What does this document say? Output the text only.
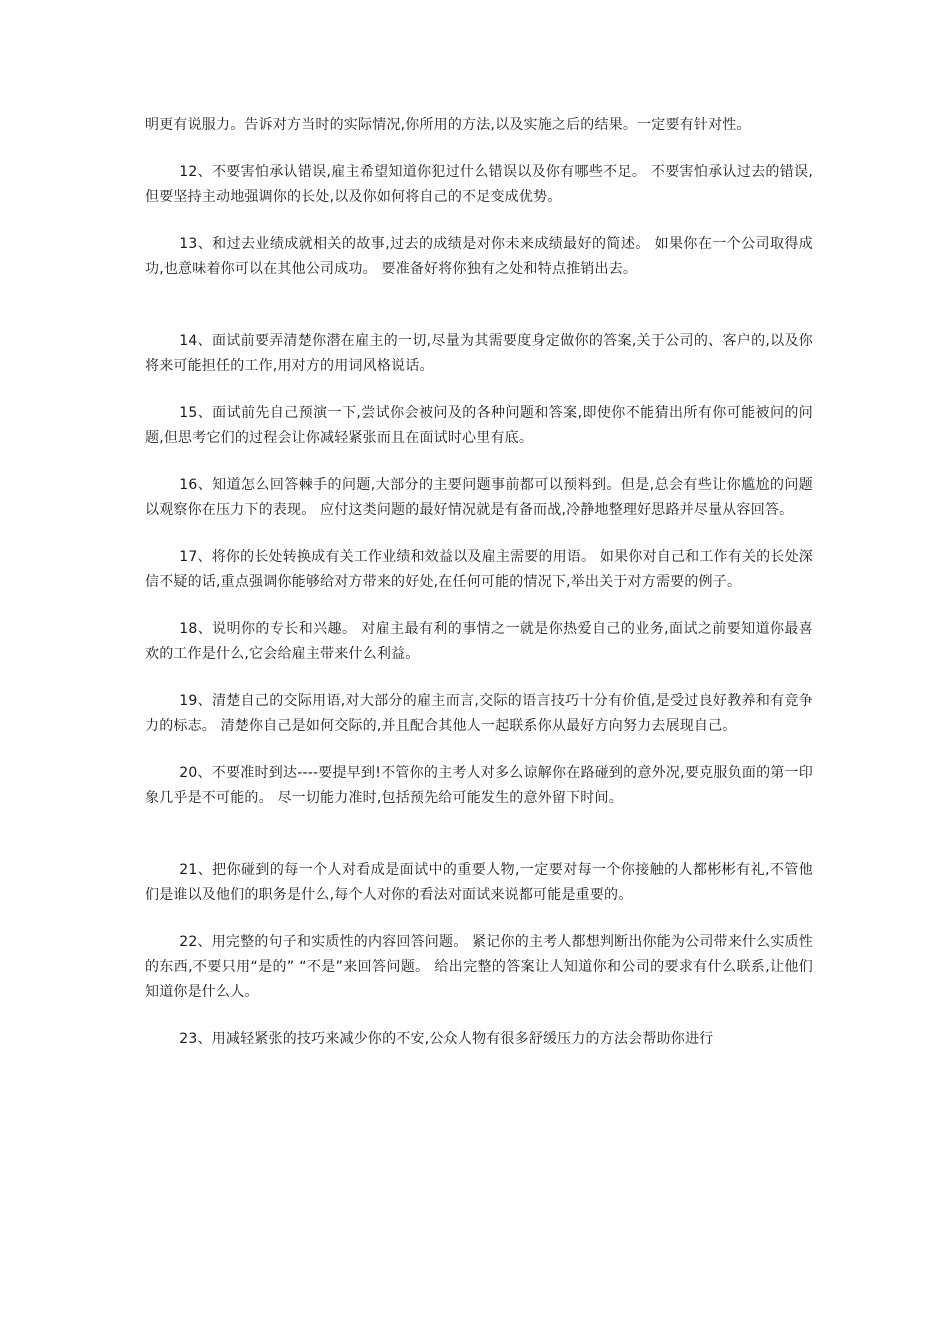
明更有说服力。告诉对方当时的实际情况,你所用的方法,以及实施之后的结果。一定要有针对性。

12、不要害怕承认错误,雇主希望知道你犯过什么错误以及你有哪些不足。 不要害怕承认过去的错误,但要坚持主动地强调你的长处,以及你如何将自己的不足变成优势。

13、和过去业绩成就相关的故事,过去的成绩是对你未来成绩最好的简述。 如果你在一个公司取得成功,也意味着你可以在其他公司成功。 要准备好将你独有之处和特点推销出去。

14、面试前要弄清楚你潜在雇主的一切,尽量为其需要度身定做你的答案,关于公司的、客户的,以及你将来可能担任的工作,用对方的用词风格说话。

15、面试前先自己预演一下,尝试你会被问及的各种问题和答案,即使你不能猜出所有你可能被问的问题,但思考它们的过程会让你减轻紧张而且在面试时心里有底。

16、知道怎么回答棘手的问题,大部分的主要问题事前都可以预料到。但是,总会有些让你尴尬的问题以观察你在压力下的表现。 应付这类问题的最好情况就是有备而战,冷静地整理好思路并尽量从容回答。

17、将你的长处转换成有关工作业绩和效益以及雇主需要的用语。 如果你对自己和工作有关的长处深信不疑的话,重点强调你能够给对方带来的好处,在任何可能的情况下,举出关于对方需要的例子。

18、说明你的专长和兴趣。 对雇主最有利的事情之一就是你热爱自己的业务,面试之前要知道你最喜欢的工作是什么,它会给雇主带来什么利益。

19、清楚自己的交际用语,对大部分的雇主而言,交际的语言技巧十分有价值,是受过良好教养和有竞争力的标志。 清楚你自己是如何交际的,并且配合其他人一起联系你从最好方向努力去展现自己。

20、不要准时到达----要提早到!不管你的主考人对多么谅解你在路碰到的意外况,要克服负面的第一印象几乎是不可能的。 尽一切能力准时,包括预先给可能发生的意外留下时间。

21、把你碰到的每一个人对看成是面试中的重要人物,一定要对每一个你接触的人都彬彬有礼,不管他们是谁以及他们的职务是什么,每个人对你的看法对面试来说都可能是重要的。

22、用完整的句子和实质性的内容回答问题。 紧记你的主考人都想判断出你能为公司带来什么实质性的东西,不要只用“是的” “不是”来回答问题。 给出完整的答案让人知道你和公司的要求有什么联系,让他们知道你是什么人。

23、用减轻紧张的技巧来减少你的不安,公众人物有很多舒缓压力的方法会帮助你进行
